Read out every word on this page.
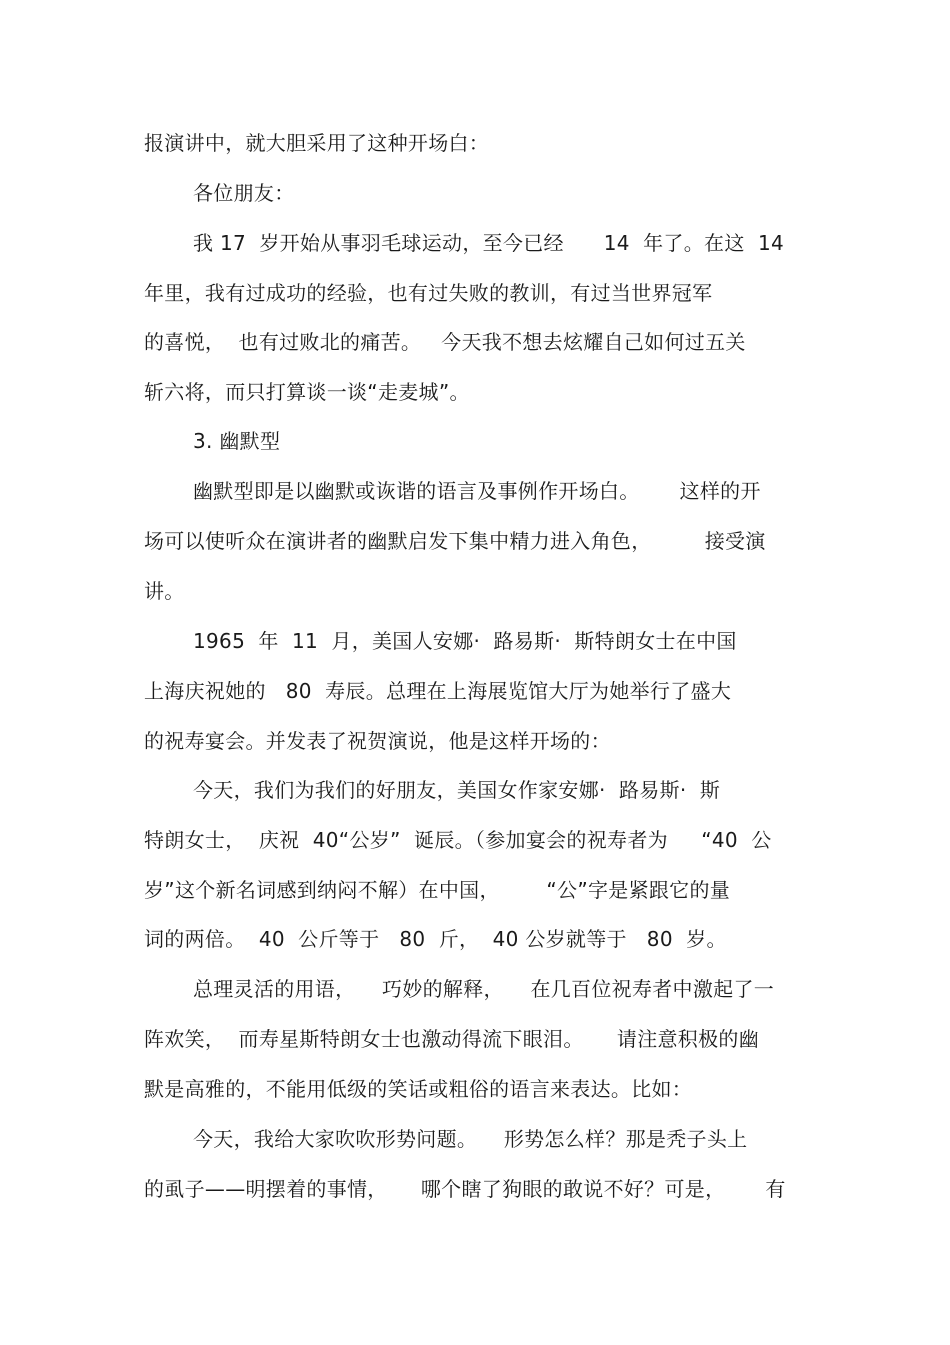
报演讲中，就大胆采用了这种开场白：
各位朋友：
我 17  岁开始从事羽毛球运动，至今已经      14  年了。在这  14
年里，我有过成功的经验，也有过失败的教训，有过当世界冠军
的喜悦，  也有过败北的痛苦。   今天我不想去炫耀自己如何过五关
斩六将，而只打算谈一谈“走麦城”。
3. 幽默型
幽默型即是以幽默或诙谐的语言及事例作开场白。      这样的开
场可以使听众在演讲者的幽默启发下集中精力进入角色，        接受演
讲。
1965  年  11  月，美国人安娜·  路易斯·  斯特朗女士在中国
上海庆祝她的   80  寿辰。总理在上海展览馆大厅为她举行了盛大
的祝寿宴会。并发表了祝贺演说，他是这样开场的：
今天，我们为我们的好朋友，美国女作家安娜·  路易斯·  斯
特朗女士，  庆祝  40“公岁”  诞辰。（参加宴会的祝寿者为     “40  公
岁”这个新名词感到纳闷不解）在中国，       “公”字是紧跟它的量
词的两倍。  40  公斤等于   80  斤，  40 公岁就等于   80  岁。
总理灵活的用语，    巧妙的解释，    在几百位祝寿者中激起了一
阵欢笑，  而寿星斯特朗女士也激动得流下眼泪。     请注意积极的幽
默是高雅的，不能用低级的笑话或粗俗的语言来表达。比如：
今天，我给大家吹吹形势问题。    形势怎么样？那是秃子头上
的虱子——明摆着的事情，     哪个瞎了狗眼的敢说不好？可是，      有
